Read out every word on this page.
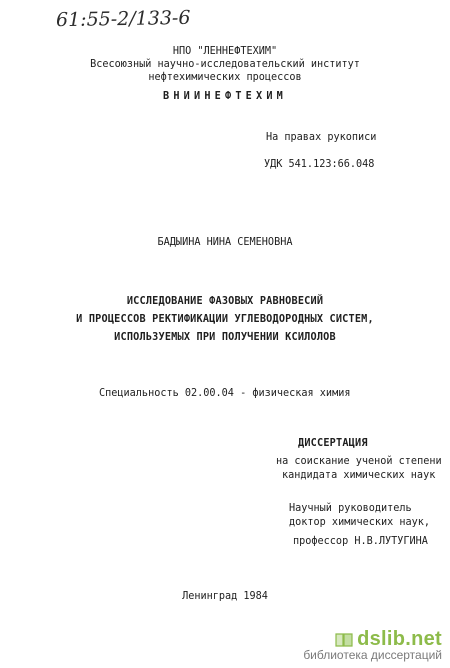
61:55-2/133-6
НПО "ЛЕННЕФТЕХИМ"
Всесоюзный научно-исследовательский институт
нефтехимических процессов
ВНИИНЕФТЕХИМ
На правах рукописи
УДК 541.123:66.048
БАДЫИНА НИНА СЕМЕНОВНА
ИССЛЕДОВАНИЕ ФАЗОВЫХ РАВНОВЕСИЙ
И ПРОЦЕССОВ РЕКТИФИКАЦИИ УГЛЕВОДОРОДНЫХ СИСТЕМ,
ИСПОЛЬЗУЕМЫХ ПРИ ПОЛУЧЕНИИ КСИЛОЛОВ
Специальность 02.00.04 - физическая химия
ДИССЕРТАЦИЯ
на соискание ученой степени
кандидата химических наук
Научный руководитель
доктор химических наук,
профессор Н.В.ЛУТУГИНА
Ленинград 1984
dslib.net
библиотека диссертаций
